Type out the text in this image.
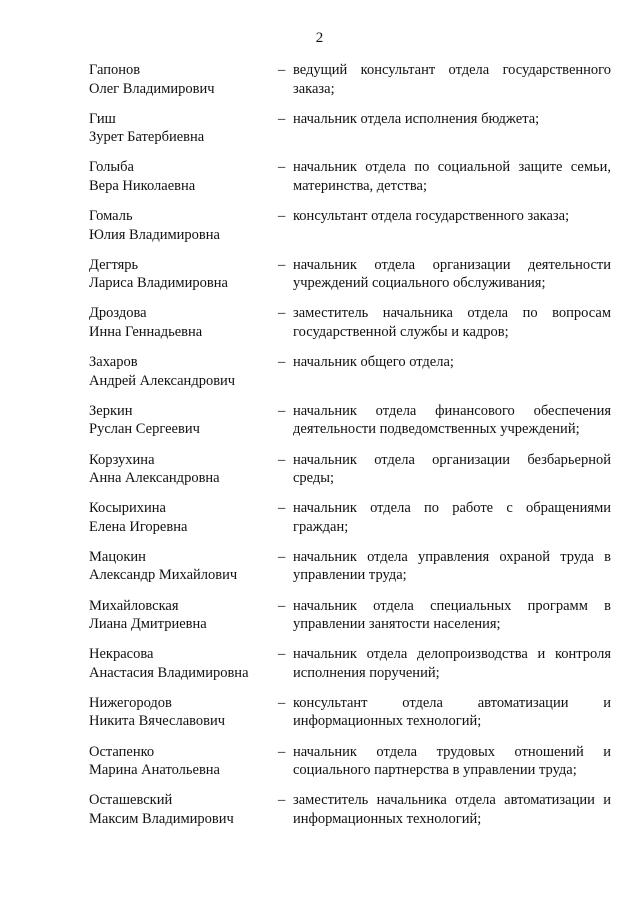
2
Гапонов
Олег Владимирович
– ведущий консультант отдела государственного заказа;
Гиш
Зурет Батербиевна
– начальник отдела исполнения бюджета;
Голыба
Вера Николаевна
– начальник отдела по социальной защите семьи, материнства, детства;
Гомаль
Юлия Владимировна
– консультант отдела государственного заказа;
Дегтярь
Лариса Владимировна
– начальник отдела организации деятельности учреждений социального обслуживания;
Дроздова
Инна Геннадьевна
– заместитель начальника отдела по вопросам государственной службы и кадров;
Захаров
Андрей Александрович
– начальник общего отдела;
Зеркин
Руслан Сергеевич
– начальник отдела финансового обеспечения деятельности подведомственных учреждений;
Корзухина
Анна Александровна
– начальник отдела организации безбарьерной среды;
Косырихина
Елена Игоревна
– начальник отдела по работе с обращениями граждан;
Мацокин
Александр Михайлович
– начальник отдела управления охраной труда в управлении труда;
Михайловская
Лиана Дмитриевна
– начальник отдела специальных программ в управлении занятости населения;
Некрасова
Анастасия Владимировна
– начальник отдела делопроизводства и контроля исполнения поручений;
Нижегородов
Никита Вячеславович
– консультант отдела автоматизации и информационных технологий;
Остапенко
Марина Анатольевна
– начальник отдела трудовых отношений и социального партнерства в управлении труда;
Осташевский
Максим Владимирович
– заместитель начальника отдела автоматизации и информационных технологий;
